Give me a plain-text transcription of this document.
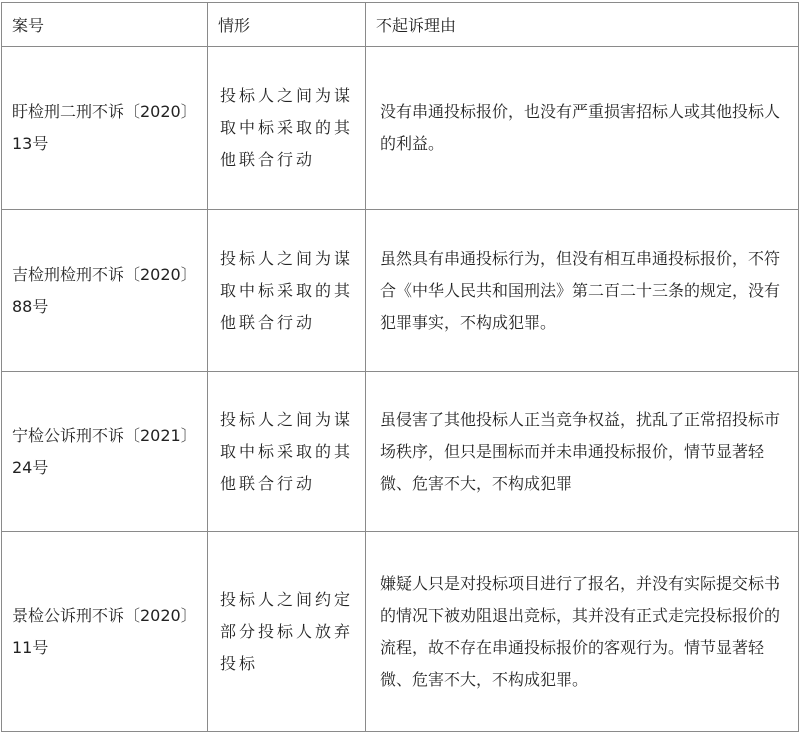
案号	情形	不起诉理由
盱检刑二刑不诉〔2020〕13号	投标人之间为谋取中标采取的其他联合行动	没有串通投标报价，也没有严重损害招标人或其他投标人的利益。
吉检刑检刑不诉〔2020〕88号	投标人之间为谋取中标采取的其他联合行动	虽然具有串通投标行为，但没有相互串通投标报价，不符合《中华人民共和国刑法》第二百二十三条的规定，没有犯罪事实，不构成犯罪。
宁检公诉刑不诉〔2021〕24号	投标人之间为谋取中标采取的其他联合行动	虽侵害了其他投标人正当竞争权益，扰乱了正常招投标市场秩序，但只是围标而并未串通投标报价，情节显著轻微、危害不大，不构成犯罪
景检公诉刑不诉〔2020〕11号	投标人之间约定部分投标人放弃投标	嫌疑人只是对投标项目进行了报名，并没有实际提交标书的情况下被劝阻退出竞标，其并没有正式走完投标报价的流程，故不存在串通投标报价的客观行为。情节显著轻微、危害不大，不构成犯罪。
